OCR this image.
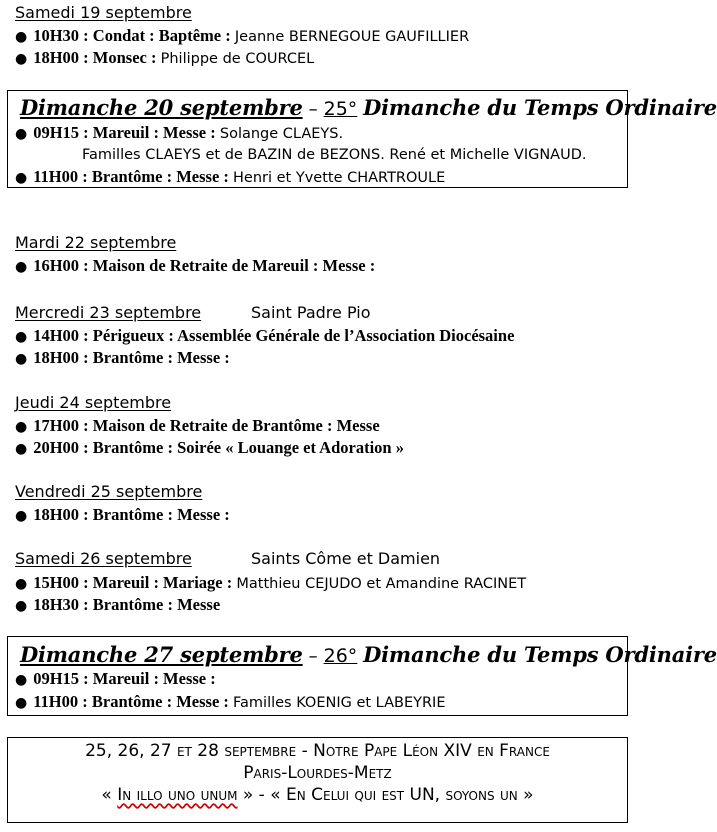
Samedi 19 septembre
● 10H30 : Condat : Baptême : Jeanne BERNEGOUE GAUFILLIER
● 18H00 : Monsec : Philippe de COURCEL
Dimanche 20 septembre – 25° Dimanche du Temps Ordinaire
● 09H15 : Mareuil : Messe : Solange CLAEYS.
Familles CLAEYS et de BAZIN de BEZONS. René et Michelle VIGNAUD.
● 11H00 : Brantôme : Messe : Henri et Yvette CHARTROULE
Mardi 22 septembre
● 16H00 : Maison de Retraite de Mareuil : Messe :
Mercredi 23 septembre	Saint Padre Pio
● 14H00 : Périgueux : Assemblée Générale de l’Association Diocésaine
● 18H00 : Brantôme : Messe :
Jeudi 24 septembre
● 17H00 : Maison de Retraite de Brantôme : Messe
● 20H00 : Brantôme : Soirée « Louange et Adoration »
Vendredi 25 septembre
● 18H00 : Brantôme : Messe :
Samedi 26 septembre	Saints Côme et Damien
● 15H00 : Mareuil : Mariage : Matthieu CEJUDO et Amandine RACINET
● 18H30 : Brantôme : Messe
Dimanche 27 septembre – 26° Dimanche du Temps Ordinaire
● 09H15 : Mareuil : Messe :
● 11H00 : Brantôme : Messe : Familles KOENIG et LABEYRIE
25, 26, 27 et 28 septembre - Notre Pape Léon XIV en France
Paris-Lourdes-Metz
« In illo uno unum » - « En Celui qui est UN, soyons un »
